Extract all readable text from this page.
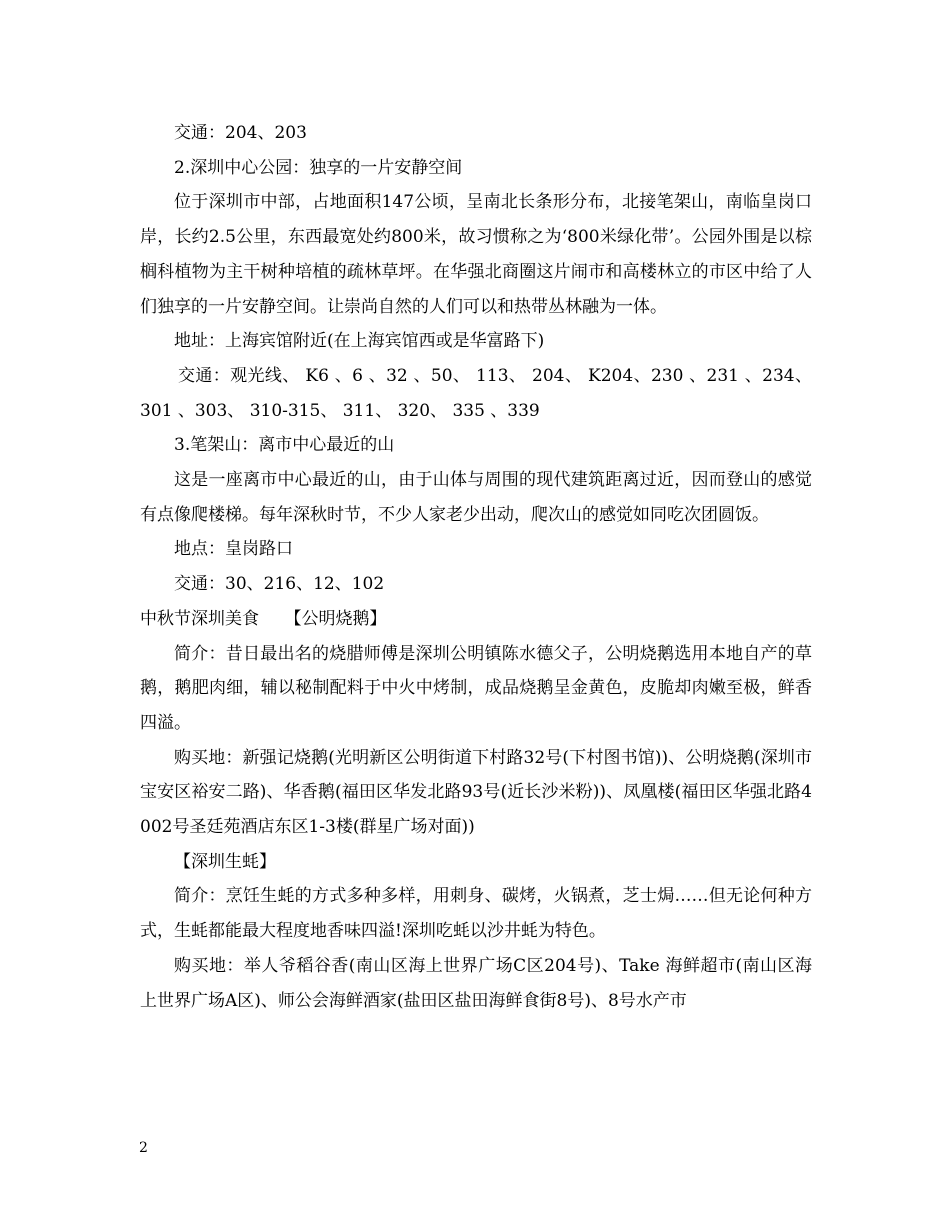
交通：204、203

2.深圳中心公园：独享的一片安静空间

位于深圳市中部，占地面积147公顷，呈南北长条形分布，北接笔架山，南临皇岗口岸，长约2.5公里，东西最宽处约800米，故习惯称之为‘800米绿化带’。公园外围是以棕榈科植物为主干树种培植的疏林草坪。在华强北商圈这片闹市和高楼林立的市区中给了人们独享的一片安静空间。让崇尚自然的人们可以和热带丛林融为一体。

地址：上海宾馆附近(在上海宾馆西或是华富路下)

交通：观光线、 K6 、6 、32 、50、 113、 204、 K204、230 、231 、234、 301 、303、 310-315、 311、 320、 335 、339

3.笔架山：离市中心最近的山

这是一座离市中心最近的山，由于山体与周围的现代建筑距离过近，因而登山的感觉有点像爬楼梯。每年深秋时节，不少人家老少出动，爬次山的感觉如同吃次团圆饭。

地点：皇岗路口

交通：30、216、12、102

中秋节深圳美食　　【公明烧鹅】

简介：昔日最出名的烧腊师傅是深圳公明镇陈水德父子，公明烧鹅选用本地自产的草鹅，鹅肥肉细，辅以秘制配料于中火中烤制，成品烧鹅呈金黄色，皮脆却肉嫩至极，鲜香四溢。

购买地：新强记烧鹅(光明新区公明街道下村路32号(下村图书馆))、公明烧鹅(深圳市宝安区裕安二路)、华香鹅(福田区华发北路93号(近长沙米粉))、凤凰楼(福田区华强北路4002号圣廷苑酒店东区1-3楼(群星广场对面))

【深圳生蚝】

简介：烹饪生蚝的方式多种多样，用刺身、碳烤，火锅煮，芝士焗……但无论何种方式，生蚝都能最大程度地香味四溢!深圳吃蚝以沙井蚝为特色。

购买地：举人爷稻谷香(南山区海上世界广场C区204号)、Take 海鲜超市(南山区海上世界广场A区)、师公会海鲜酒家(盐田区盐田海鲜食街8号)、8号水产市

2
